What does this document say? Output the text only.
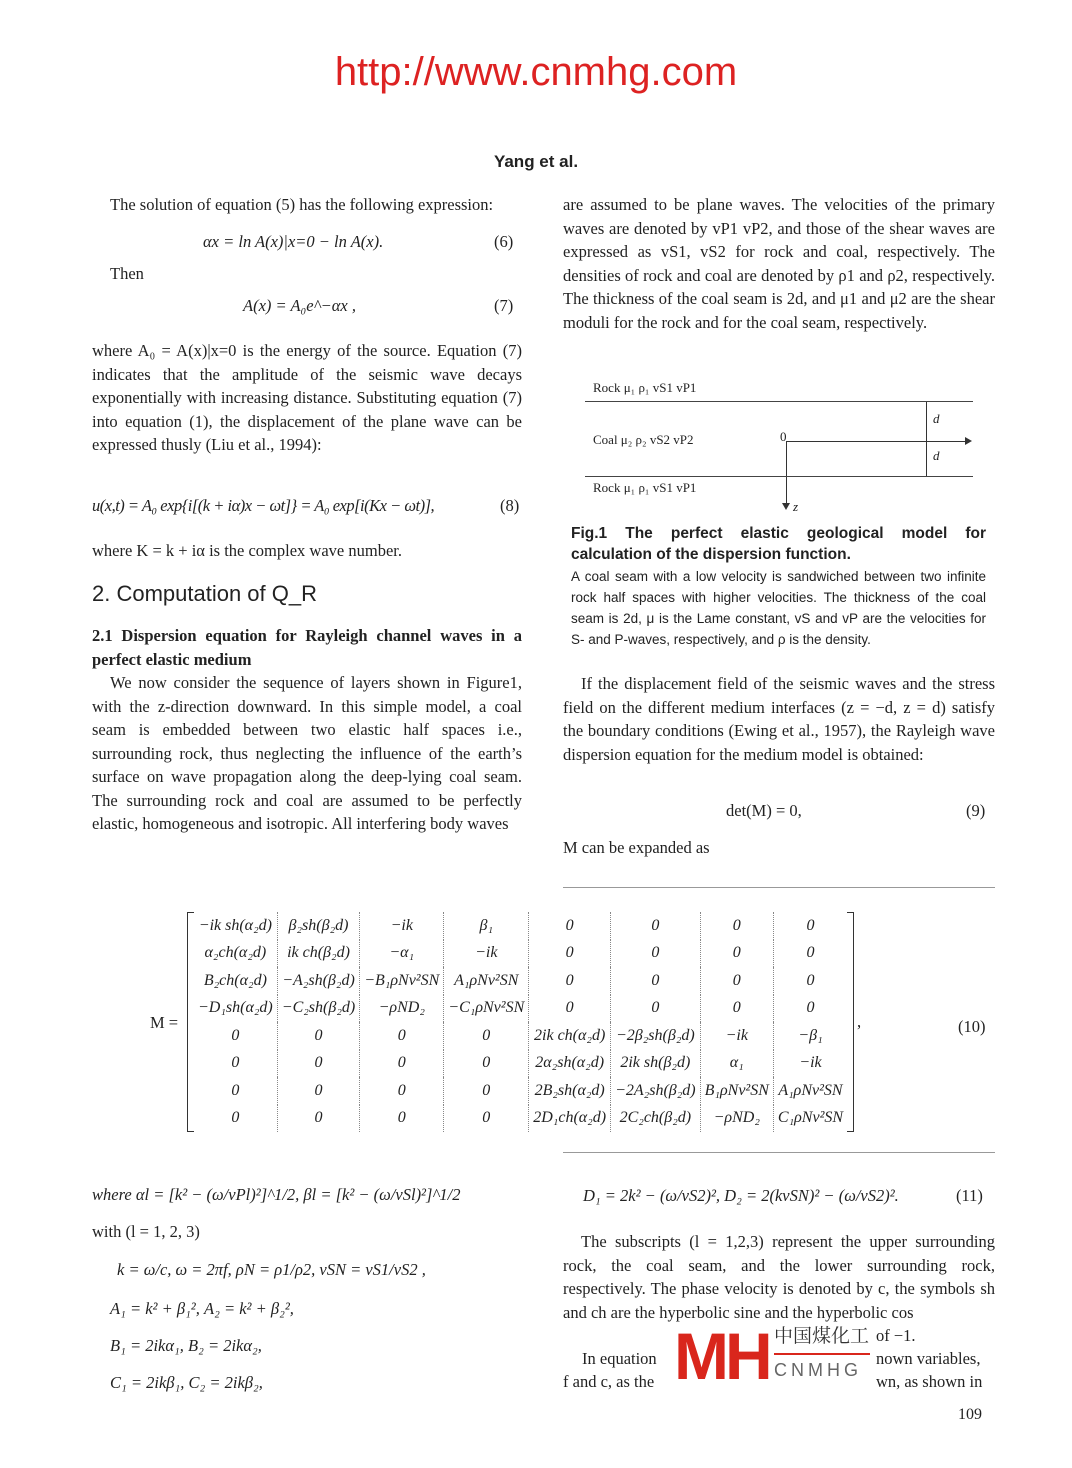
http://www.cnmhg.com
Yang et al.
The solution of equation (5) has the following expression:
αx = ln A(x)|x=0 − ln A(x).	(6)
Then
A(x) = A₀e^−αx ,	(7)
where A₀ = A(x)|x=0 is the energy of the source. Equation (7) indicates that the amplitude of the seismic wave decays exponentially with increasing distance. Substituting equation (7) into equation (1), the displacement of the plane wave can be expressed thusly (Liu et al., 1994):
u(x,t) = A₀ exp{i[(k + iα)x − ωt]} = A₀ exp[i(Kx − ωt)],	(8)
where K = k + iα is the complex wave number.
2. Computation of Q_R
2.1 Dispersion equation for Rayleigh channel waves in a perfect elastic medium
We now consider the sequence of layers shown in Figure1, with the z-direction downward. In this simple model, a coal seam is embedded between two elastic half spaces i.e., surrounding rock, thus neglecting the influence of the earth’s surface on wave propagation along the deep-lying coal seam. The surrounding rock and coal are assumed to be perfectly elastic, homogeneous and isotropic. All interfering body waves
are assumed to be plane waves. The velocities of the primary waves are denoted by vP1 vP2, and those of the shear waves are expressed as vS1, vS2 for rock and coal, respectively. The densities of rock and coal are denoted by ρ1 and ρ2, respectively. The thickness of the coal seam is 2d, and μ1 and μ2 are the shear moduli for the rock and for the coal seam, respectively.
Rock μ₁ ρ₁ vS1 vP1
Coal μ₂ ρ₂ vS2 vP2	0
z
d
d
Rock μ₁ ρ₁ vS1 vP1
Fig.1 The perfect elastic geological model for calculation of the dispersion function.
A coal seam with a low velocity is sandwiched between two infinite rock half spaces with higher velocities. The thickness of the coal seam is 2d, μ is the Lame constant, vS and vP are the velocities for S- and P-waves, respectively, and ρ is the density.
If the displacement field of the seismic waves and the stress field on the different medium interfaces (z = −d, z = d) satisfy the boundary conditions (Ewing et al., 1957), the Rayleigh wave dispersion equation for the medium model is obtained:
det(M) = 0,	(9)
M can be expanded as
M =
−ik sh(α₂d)	β₂sh(β₂d)	−ik	β₁	0	0	0	0
α₂ch(α₂d)	ik ch(β₂d)	−α₁	−ik	0	0	0	0
B₂ch(α₂d)	−A₂sh(β₂d)	−B₁ρNv²SN	A₁ρNv²SN	0	0	0	0
−D₁sh(α₂d)	−C₂sh(β₂d)	−ρND₂	−C₁ρNv²SN	0	0	0	0
0	0	0	0	2ik ch(α₂d)	−2β₂sh(β₂d)	−ik	−β₁
0	0	0	0	2α₂sh(α₂d)	2ik sh(β₂d)	α₁	−ik
0	0	0	0	2B₂sh(α₂d)	−2A₂sh(β₂d)	B₁ρNv²SN	A₁ρNv²SN
0	0	0	0	2D₁ch(α₂d)	2C₂ch(β₂d)	−ρND₂	C₁ρNv²SN
,	(10)
where αl = [k² − (ω/vPl)²]^1/2, βl = [k² − (ω/vSl)²]^1/2
with (l = 1, 2, 3)
k = ω/c, ω = 2πf, ρN = ρ1/ρ2, vSN = vS1/vS2 ,
A₁ = k² + β₁², A₂ = k² + β₂²,
B₁ = 2ikα₁, B₂ = 2ikα₂,
C₁ = 2ikβ₁, C₂ = 2ikβ₂,
D₁ = 2k² − (ω/vS2)², D₂ = 2(kvSN)² − (ω/vS2)².	(11)
The subscripts (l = 1,2,3) represent the upper surrounding rock, the coal seam, and the lower surrounding rock, respectively. The phase velocity is denoted by c, the symbols sh and ch are the hyperbolic sine and the hyperbolic cos
of −1.
In equation	nown variables,
f and c, as the	wn, as shown in
MH 中国煤化工
CNMHG
109
